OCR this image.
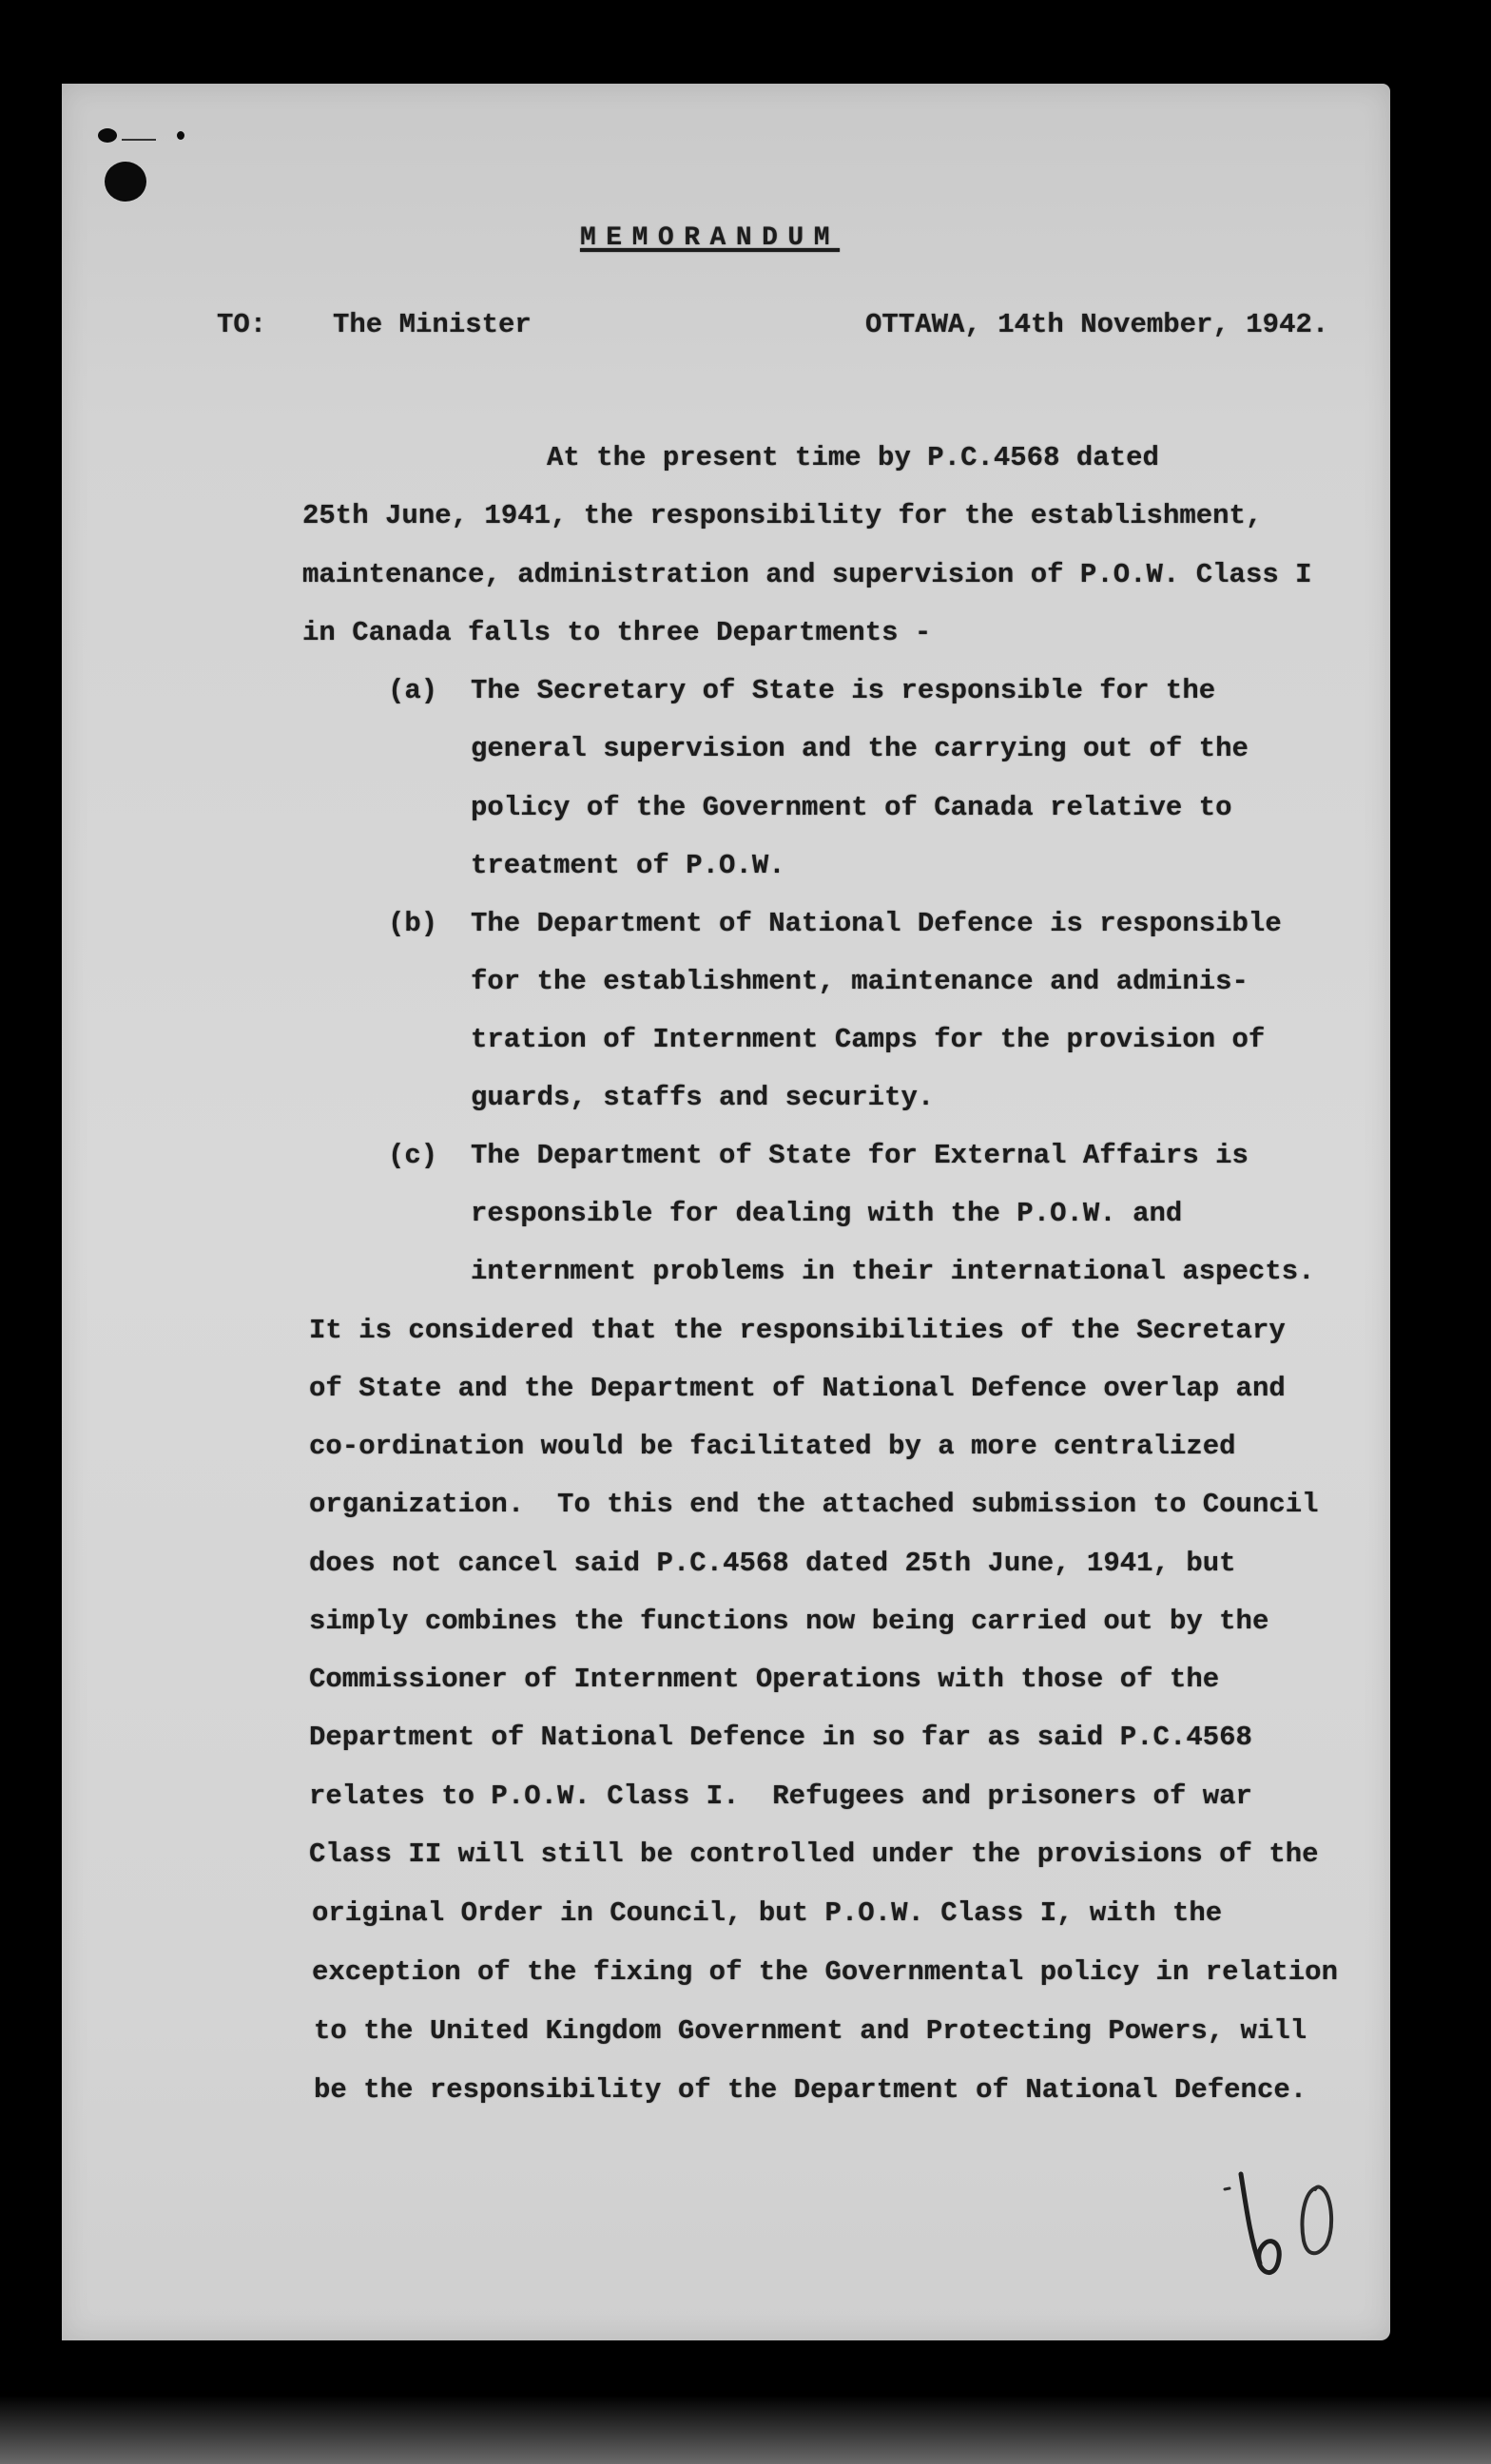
MEMORANDUM
TO: The Minister	OTTAWA, 14th November, 1942.
At the present time by P.C.4568 dated
25th June, 1941, the responsibility for the establishment,
maintenance, administration and supervision of P.O.W. Class I
in Canada falls to three Departments -
(a) The Secretary of State is responsible for the
general supervision and the carrying out of the
policy of the Government of Canada relative to
treatment of P.O.W.
(b) The Department of National Defence is responsible
for the establishment, maintenance and adminis-
tration of Internment Camps for the provision of
guards, staffs and security.
(c) The Department of State for External Affairs is
responsible for dealing with the P.O.W. and
internment problems in their international aspects.
It is considered that the responsibilities of the Secretary
of State and the Department of National Defence overlap and
co-ordination would be facilitated by a more centralized
organization.  To this end the attached submission to Council
does not cancel said P.C.4568 dated 25th June, 1941, but
simply combines the functions now being carried out by the
Commissioner of Internment Operations with those of the
Department of National Defence in so far as said P.C.4568
relates to P.O.W. Class I.  Refugees and prisoners of war
Class II will still be controlled under the provisions of the
original Order in Council, but P.O.W. Class I, with the
exception of the fixing of the Governmental policy in relation
to the United Kingdom Government and Protecting Powers, will
be the responsibility of the Department of National Defence.
